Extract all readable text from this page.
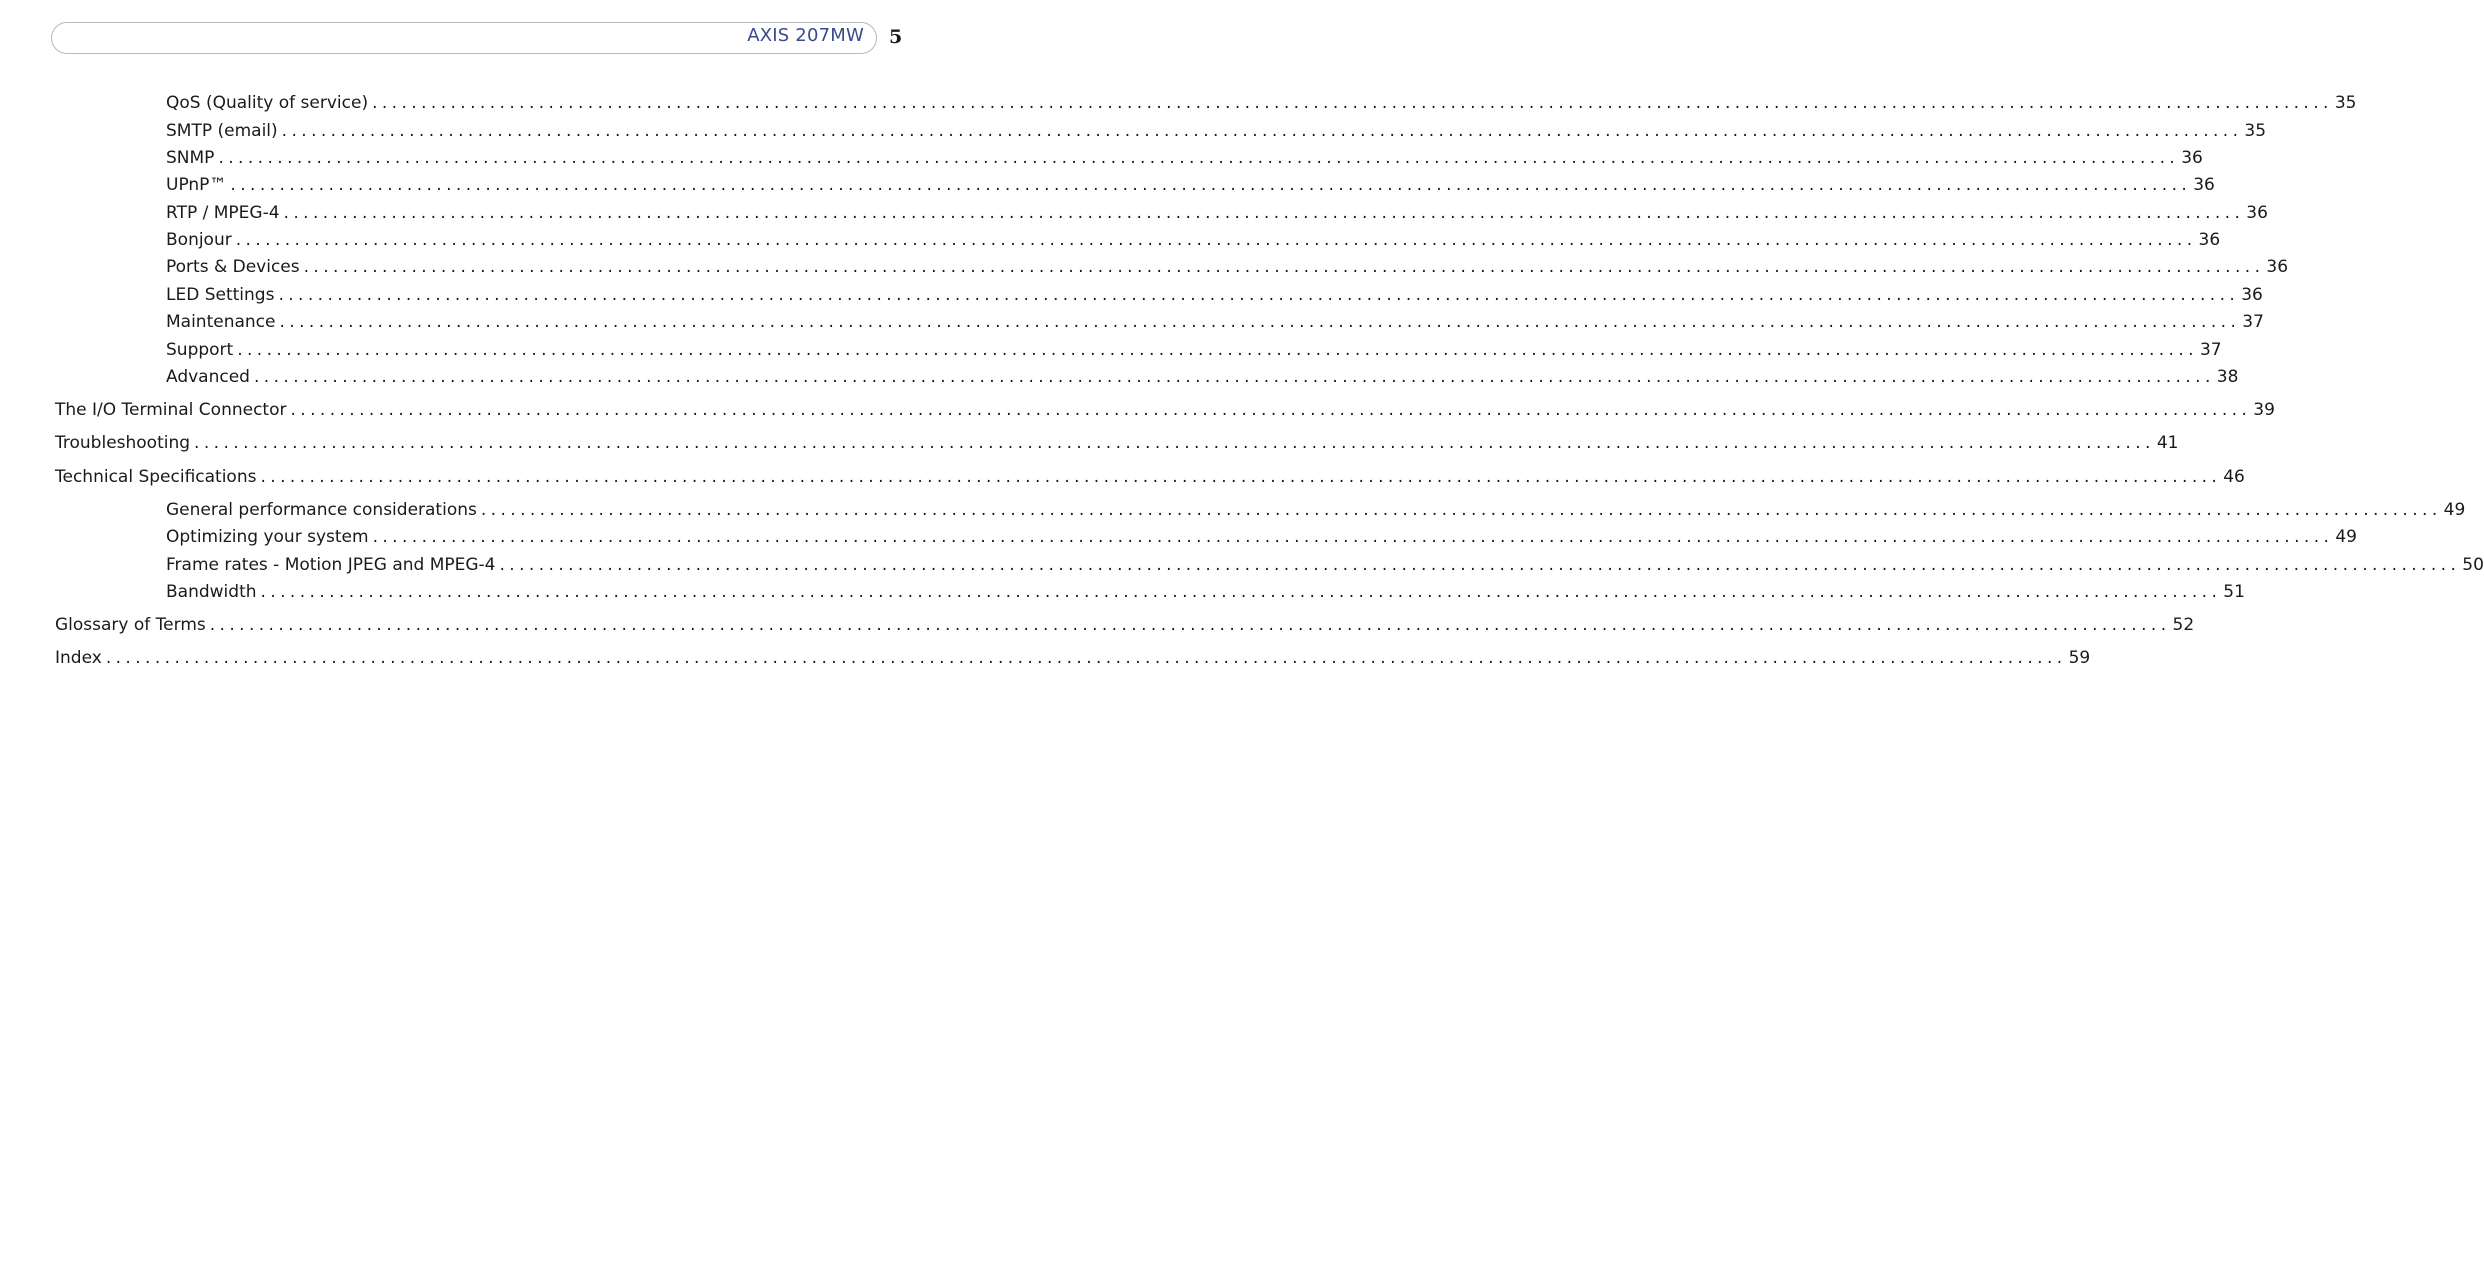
AXIS 207MW 5
QoS (Quality of service) ........................................................................................................................................................................................................ 35
SMTP (email) ........................................................................................................................................................................................................ 35
SNMP ........................................................................................................................................................................................................ 36
UPnP™ ........................................................................................................................................................................................................ 36
RTP / MPEG-4 ........................................................................................................................................................................................................ 36
Bonjour ........................................................................................................................................................................................................ 36
Ports & Devices ........................................................................................................................................................................................................ 36
LED Settings ........................................................................................................................................................................................................ 36
Maintenance ........................................................................................................................................................................................................ 37
Support ........................................................................................................................................................................................................ 37
Advanced ........................................................................................................................................................................................................ 38
The I/O Terminal Connector ........................................................................................................................................................................................................ 39
Troubleshooting ........................................................................................................................................................................................................ 41
Technical Specifications ........................................................................................................................................................................................................ 46
General performance considerations ........................................................................................................................................................................................................ 49
Optimizing your system ........................................................................................................................................................................................................ 49
Frame rates - Motion JPEG and MPEG-4 ........................................................................................................................................................................................................ 50
Bandwidth ........................................................................................................................................................................................................ 51
Glossary of Terms ........................................................................................................................................................................................................ 52
Index ........................................................................................................................................................................................................ 59
